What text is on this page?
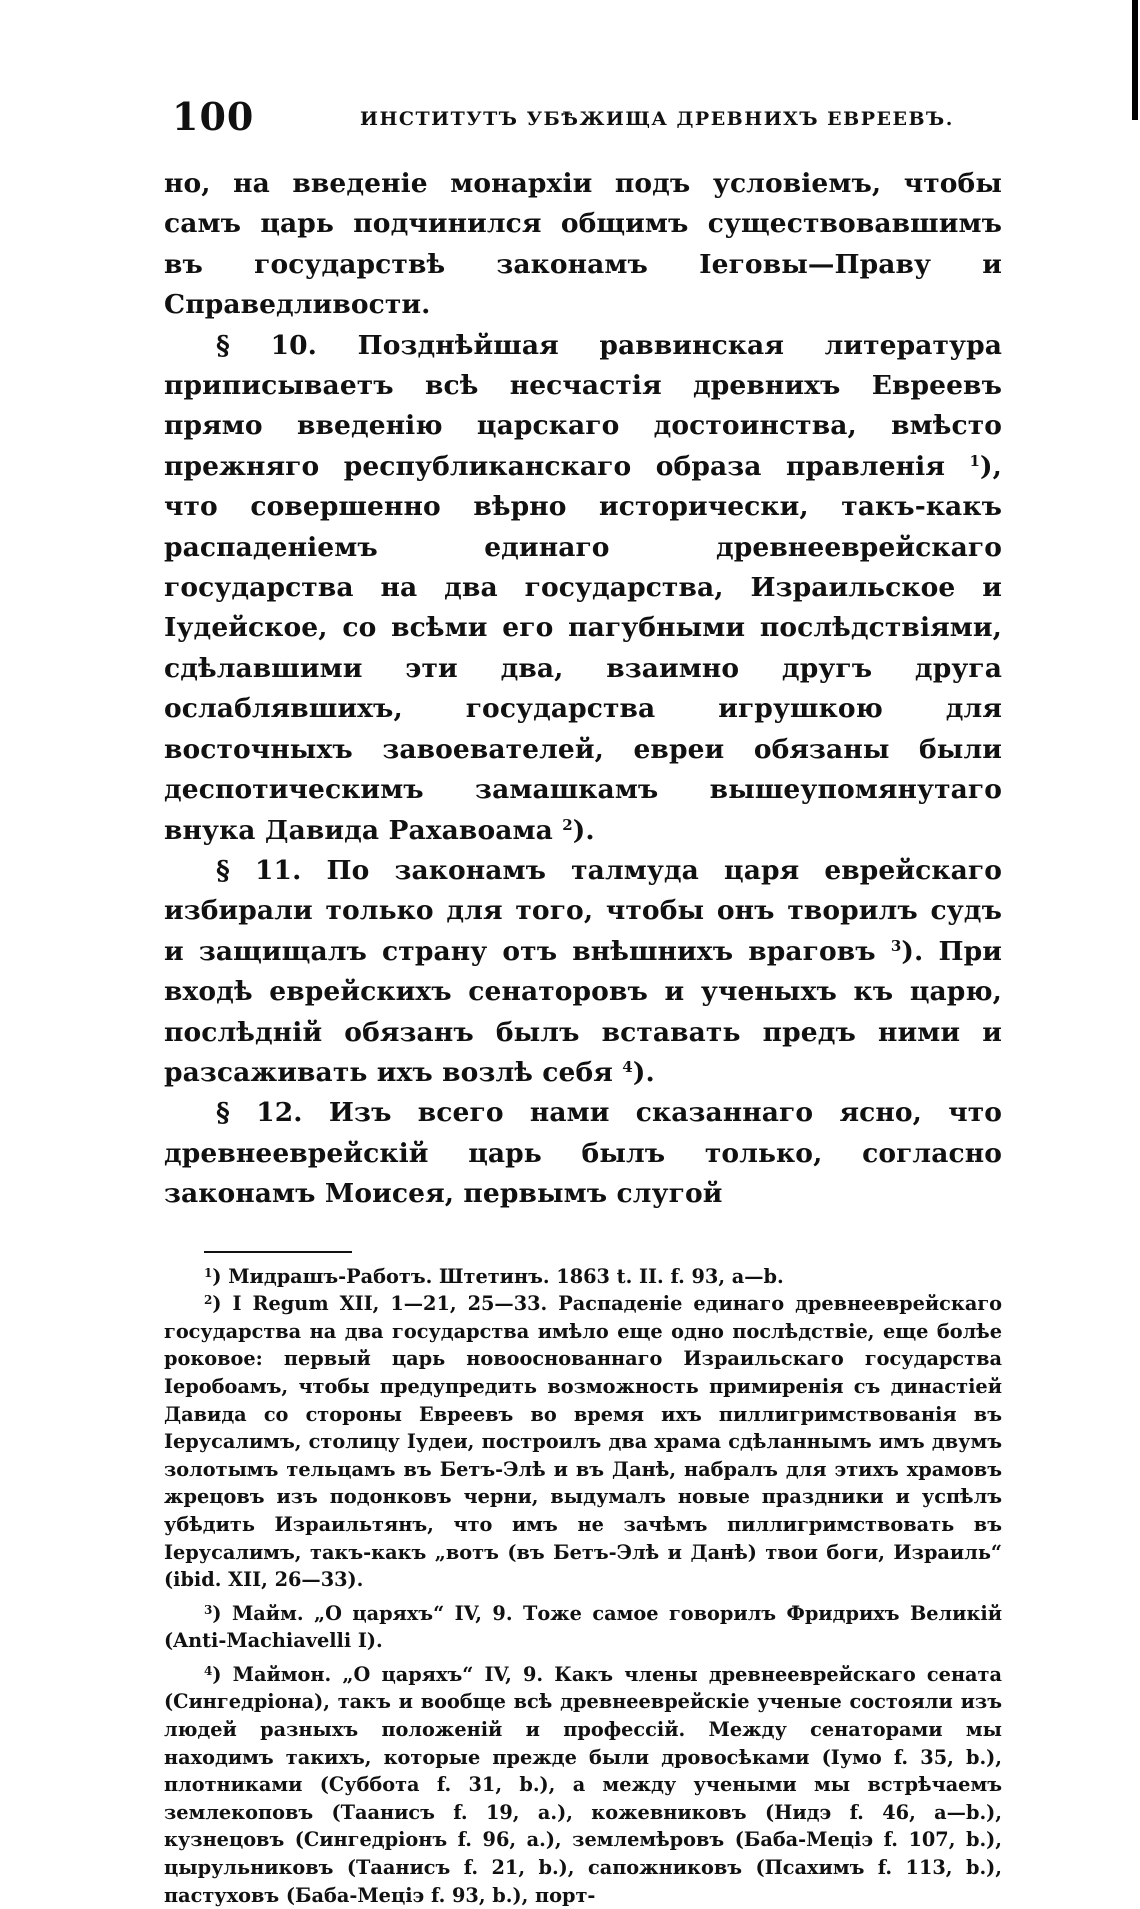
100	ИНСТИТУТЪ УБѢЖИЩА ДРЕВНИХЪ ЕВРЕЕВЪ.

но, на введеніе монархіи подъ условіемъ, чтобы самъ царь подчинился общимъ существовавшимъ въ государствѣ законамъ Іеговы—Праву и Справедливости.

§ 10. Позднѣйшая раввинская литература приписываетъ всѣ несчастія древнихъ Евреевъ прямо введенію царскаго достоинства, вмѣсто прежняго республиканскаго образа правленія $^1$), что совершенно вѣрно исторически, такъ-какъ распаденіемъ единаго древнееврейскаго государства на два государства, Израильское и Іудейское, со всѣми его пагубными послѣдствіями, сдѣлавшими эти два, взаимно другъ друга ослаблявшихъ, государства игрушкою для восточныхъ завоевателей, евреи обязаны были деспотическимъ замашкамъ вышеупомянутаго внука Давида Рахавоама $^2$).

§ 11. По законамъ талмуда царя еврейскаго избирали только для того, чтобы онъ творилъ судъ и защищалъ страну отъ внѣшнихъ враговъ $^3$). При входѣ еврейскихъ сенаторовъ и ученыхъ къ царю, послѣдній обязанъ былъ вставать предъ ними и разсаживать ихъ возлѣ себя $^4$).

§ 12. Изъ всего нами сказаннаго ясно, что древнееврейскій царь былъ только, согласно законамъ Моисея, первымъ слугой

$^1$) Мидрашъ-Работъ. Штетинъ. 1863 t. II. f. 93, a—b.

$^2$) I Regum XII, 1—21, 25—33. Распаденіе единаго древнееврейскаго государства на два государства имѣло еще одно послѣдствіе, еще болѣе роковое: первый царь новоoснованнаго Израильскаго государства Іеробоамъ, чтобы предупредить возможность примиренія съ династіей Давида со стороны Евреевъ во время ихъ пиллигримствованія въ Іерусалимъ, столицу Іудеи, построилъ два храма сдѣланнымъ имъ двумъ золотымъ тельцамъ въ Бетъ-Элѣ и въ Данѣ, набралъ для этихъ храмовъ жрецовъ изъ подонковъ черни, выдумалъ новые праздники и успѣлъ убѣдить Израильтянъ, что имъ не зачѣмъ пиллигримствовать въ Іерусалимъ, такъ-какъ „вотъ (въ Бетъ-Элѣ и Данѣ) твои боги, Израиль“ (ibid. XII, 26—33).

$^3$) Майм. „О царяхъ“ IV, 9. Тоже самое говорилъ Фридрихъ Великій (Anti-Machiavelli I).

$^4$) Маймон. „О царяхъ“ IV, 9. Какъ члены древнееврейскаго сената (Сингедріона), такъ и вообще всѣ древнееврейскіе ученые состояли изъ людей разныхъ положеній и профессій. Между сенаторами мы находимъ такихъ, которые прежде были дровосѣками (Іумо f. 35, b.), плотниками (Суббота f. 31, b.), а между учеными мы встрѣчаемъ землекоповъ (Таанисъ f. 19, a.), кожевниковъ (Нидэ f. 46, a—b.), кузнецовъ (Сингедріонъ f. 96, a.), землемѣровъ (Баба-Меціэ f. 107, b.), цырульниковъ (Таанисъ f. 21, b.), сапожниковъ (Псахимъ f. 113, b.), пастуховъ (Баба-Меціэ f. 93, b.), порт-
